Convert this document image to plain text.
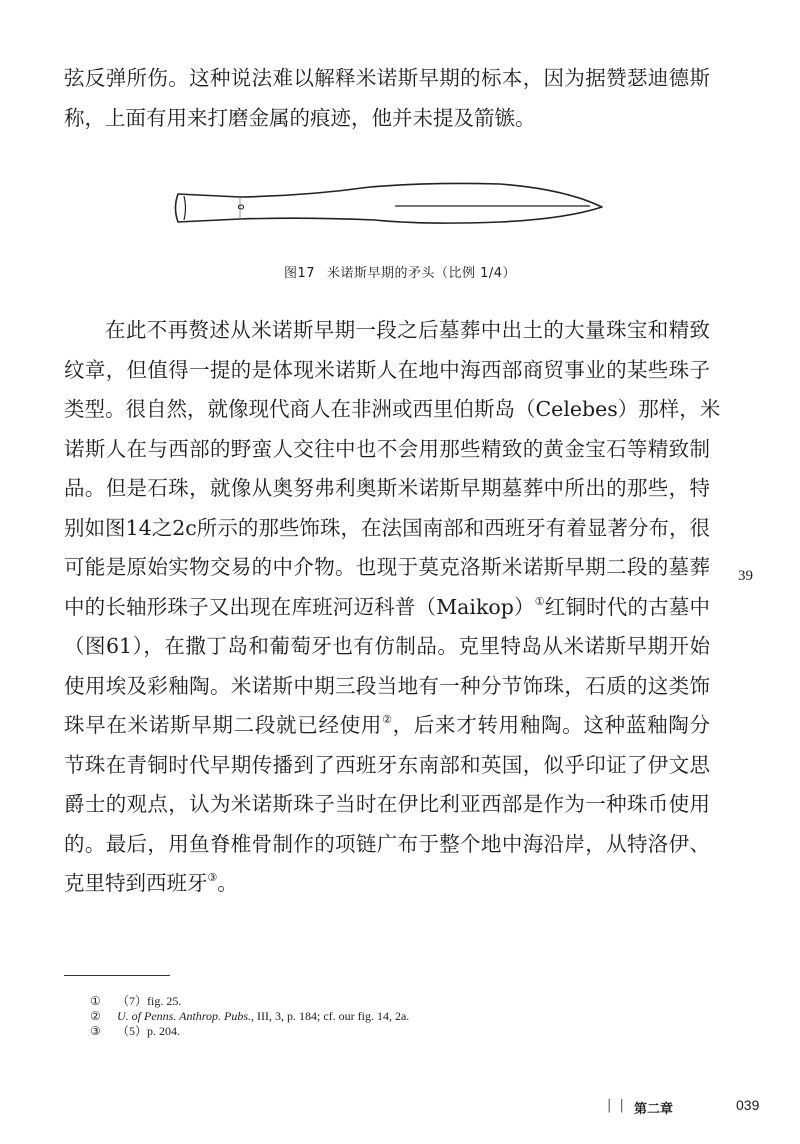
弦反弹所伤。这种说法难以解释米诺斯早期的标本，因为据赞瑟迪德斯
称，上面有用来打磨金属的痕迹，他并未提及箭镞。
图17 米诺斯早期的矛头（比例 1/4）
在此不再赘述从米诺斯早期一段之后墓葬中出土的大量珠宝和精致
纹章，但值得一提的是体现米诺斯人在地中海西部商贸事业的某些珠子
类型。很自然，就像现代商人在非洲或西里伯斯岛（Celebes）那样，米
诺斯人在与西部的野蛮人交往中也不会用那些精致的黄金宝石等精致制
品。但是石珠，就像从奥努弗利奥斯米诺斯早期墓葬中所出的那些，特
别如图14之2c所示的那些饰珠，在法国南部和西班牙有着显著分布，很
可能是原始实物交易的中介物。也现于莫克洛斯米诺斯早期二段的墓葬
中的长轴形珠子又出现在库班河迈科普（Maikop）①红铜时代的古墓中
（图61），在撒丁岛和葡萄牙也有仿制品。克里特岛从米诺斯早期开始
使用埃及彩釉陶。米诺斯中期三段当地有一种分节饰珠，石质的这类饰
珠早在米诺斯早期二段就已经使用②，后来才转用釉陶。这种蓝釉陶分
节珠在青铜时代早期传播到了西班牙东南部和英国，似乎印证了伊文思
爵士的观点，认为米诺斯珠子当时在伊比利亚西部是作为一种珠币使用
的。最后，用鱼脊椎骨制作的项链广布于整个地中海沿岸，从特洛伊、
克里特到西班牙③。
39
①	（7）fig. 25.
②	U. of Penns. Anthrop. Pubs., III, 3, p. 184; cf. our fig. 14, 2a.
③	（5）p. 204.
| | 第二章	039
